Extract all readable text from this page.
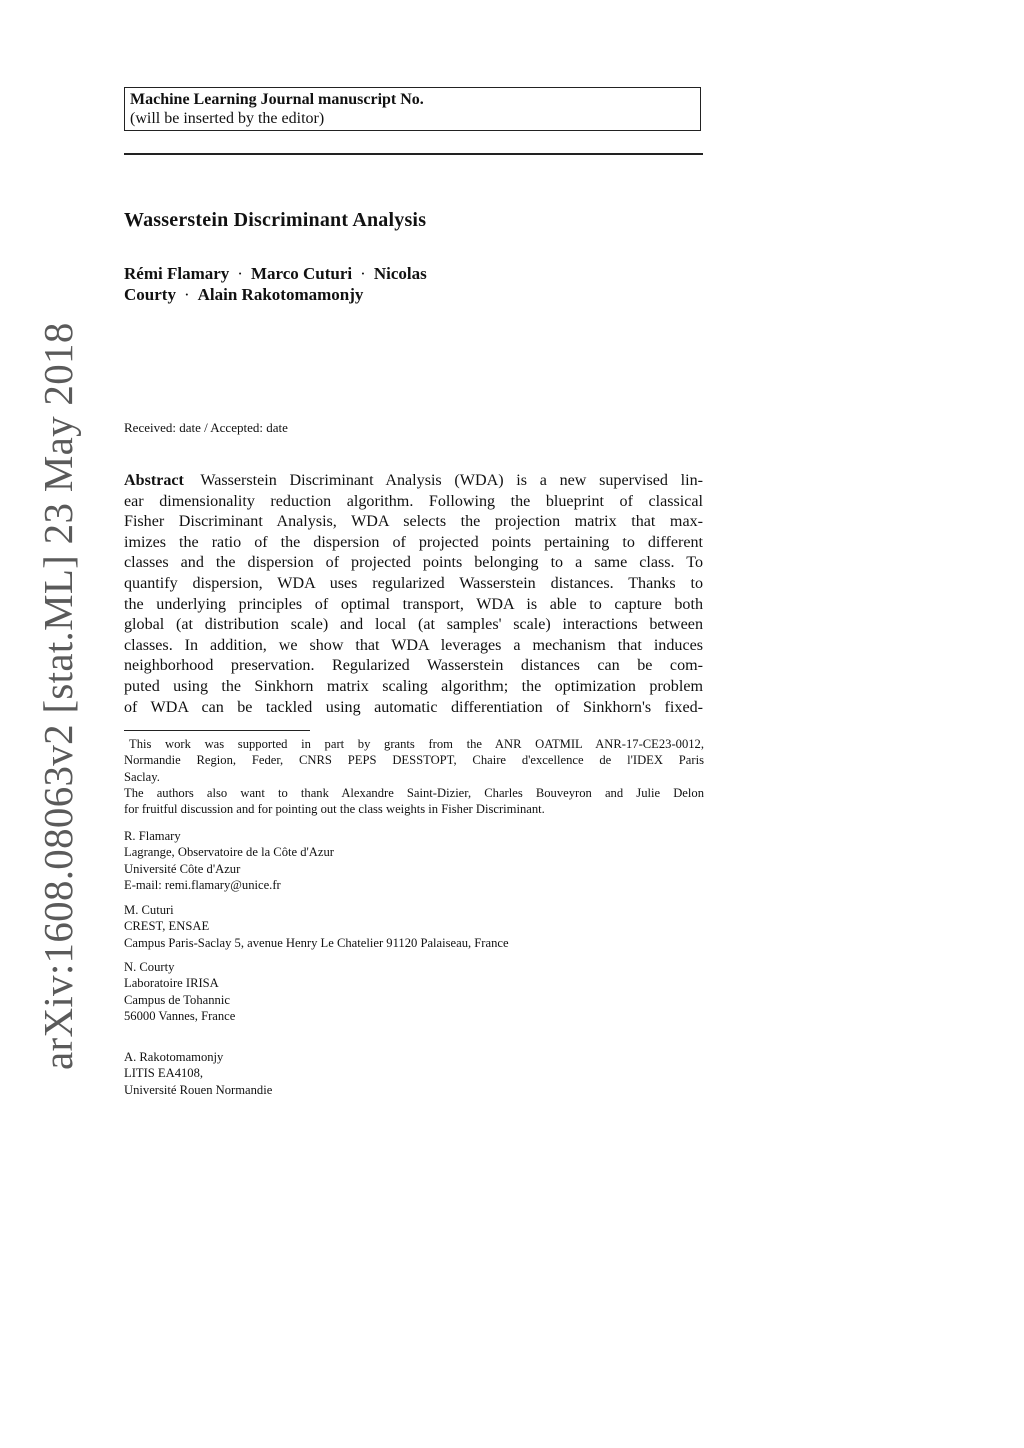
arXiv:1608.08063v2 [stat.ML] 23 May 2018
Machine Learning Journal manuscript No.
(will be inserted by the editor)
Wasserstein Discriminant Analysis
Rémi Flamary · Marco Cuturi · Nicolas
Courty · Alain Rakotomamonjy
Received: date / Accepted: date
Abstract Wasserstein Discriminant Analysis (WDA) is a new supervised lin-
ear dimensionality reduction algorithm. Following the blueprint of classical
Fisher Discriminant Analysis, WDA selects the projection matrix that max-
imizes the ratio of the dispersion of projected points pertaining to different
classes and the dispersion of projected points belonging to a same class. To
quantify dispersion, WDA uses regularized Wasserstein distances. Thanks to
the underlying principles of optimal transport, WDA is able to capture both
global (at distribution scale) and local (at samples' scale) interactions between
classes. In addition, we show that WDA leverages a mechanism that induces
neighborhood preservation. Regularized Wasserstein distances can be com-
puted using the Sinkhorn matrix scaling algorithm; the optimization problem
of WDA can be tackled using automatic differentiation of Sinkhorn's fixed-
This work was supported in part by grants from the ANR OATMIL ANR-17-CE23-0012,
Normandie Region, Feder, CNRS PEPS DESSTOPT, Chaire d'excellence de l'IDEX Paris
Saclay.
The authors also want to thank Alexandre Saint-Dizier, Charles Bouveyron and Julie Delon
for fruitful discussion and for pointing out the class weights in Fisher Discriminant.
R. Flamary
Lagrange, Observatoire de la Côte d'Azur
Université Côte d'Azur
E-mail: remi.flamary@unice.fr
M. Cuturi
CREST, ENSAE
Campus Paris-Saclay 5, avenue Henry Le Chatelier 91120 Palaiseau, France
N. Courty
Laboratoire IRISA
Campus de Tohannic
56000 Vannes, France
A. Rakotomamonjy
LITIS EA4108,
Université Rouen Normandie
